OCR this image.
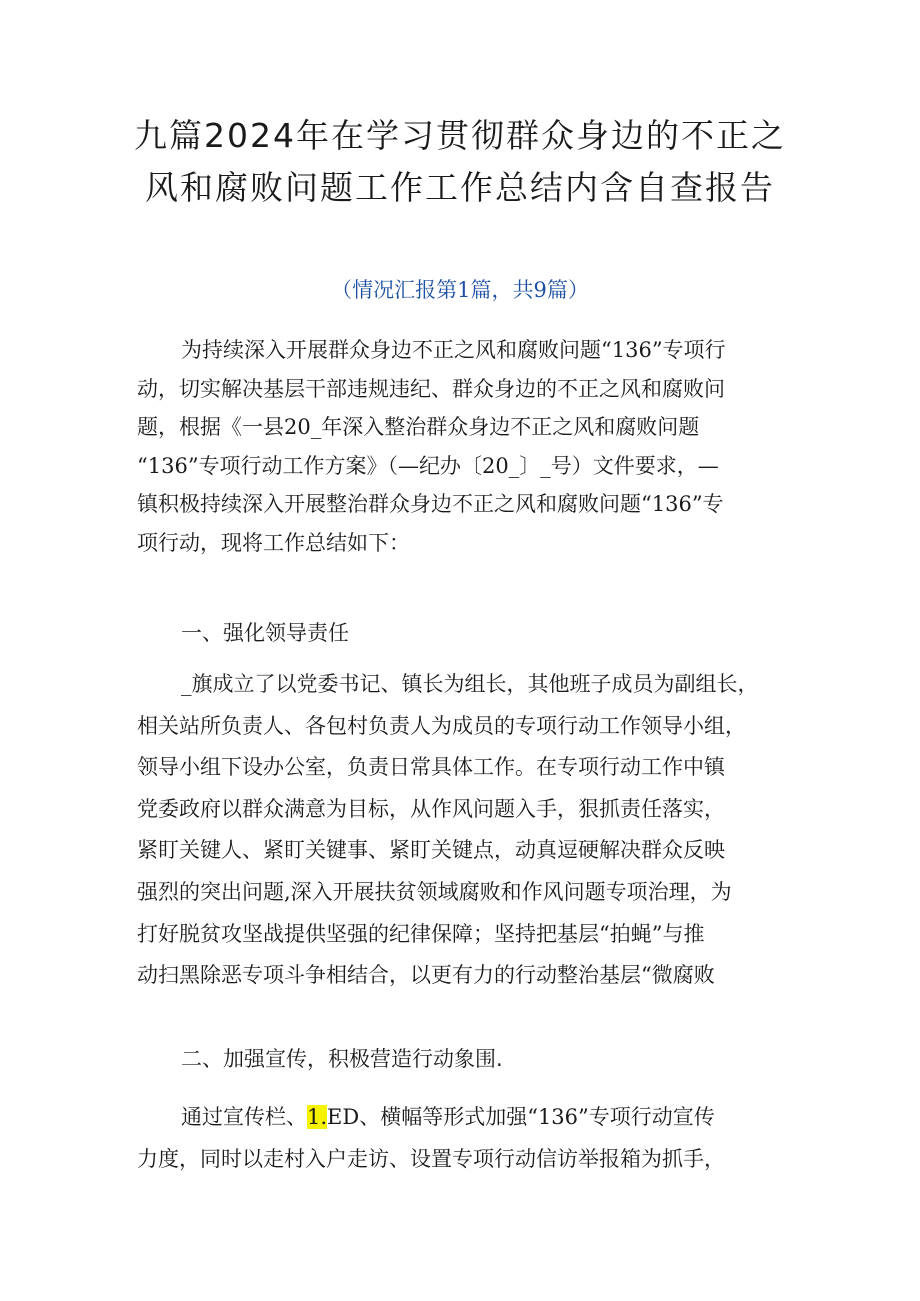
九篇2024年在学习贯彻群众身边的不正之
风和腐败问题工作工作总结内含自查报告
（情况汇报第1篇，共9篇）
为持续深入开展群众身边不正之风和腐败问题“136”专项行
动，切实解决基层干部违规违纪、群众身边的不正之风和腐败问
题，根据《一县20_年深入整治群众身边不正之风和腐败问题
“136”专项行动工作方案》（—纪办〔20_〕_号）文件要求，—
镇积极持续深入开展整治群众身边不正之风和腐败问题“136”专
项行动，现将工作总结如下：
一、强化领导责任
_旗成立了以党委书记、镇长为组长，其他班子成员为副组长，
相关站所负责人、各包村负责人为成员的专项行动工作领导小组，
领导小组下设办公室，负责日常具体工作。在专项行动工作中镇
党委政府以群众满意为目标，从作风问题入手，狠抓责任落实，
紧盯关键人、紧盯关键事、紧盯关键点，动真逗硬解决群众反映
强烈的突出问题,深入开展扶贫领域腐败和作风问题专项治理，为
打好脱贫攻坚战提供坚强的纪律保障；坚持把基层“拍蝇”与推
动扫黑除恶专项斗争相结合，以更有力的行动整治基层“微腐败
二、加强宣传，积极营造行动象围.
通过宣传栏、1.ED、横幅等形式加强“136”专项行动宣传
力度，同时以走村入户走访、设置专项行动信访举报箱为抓手，
